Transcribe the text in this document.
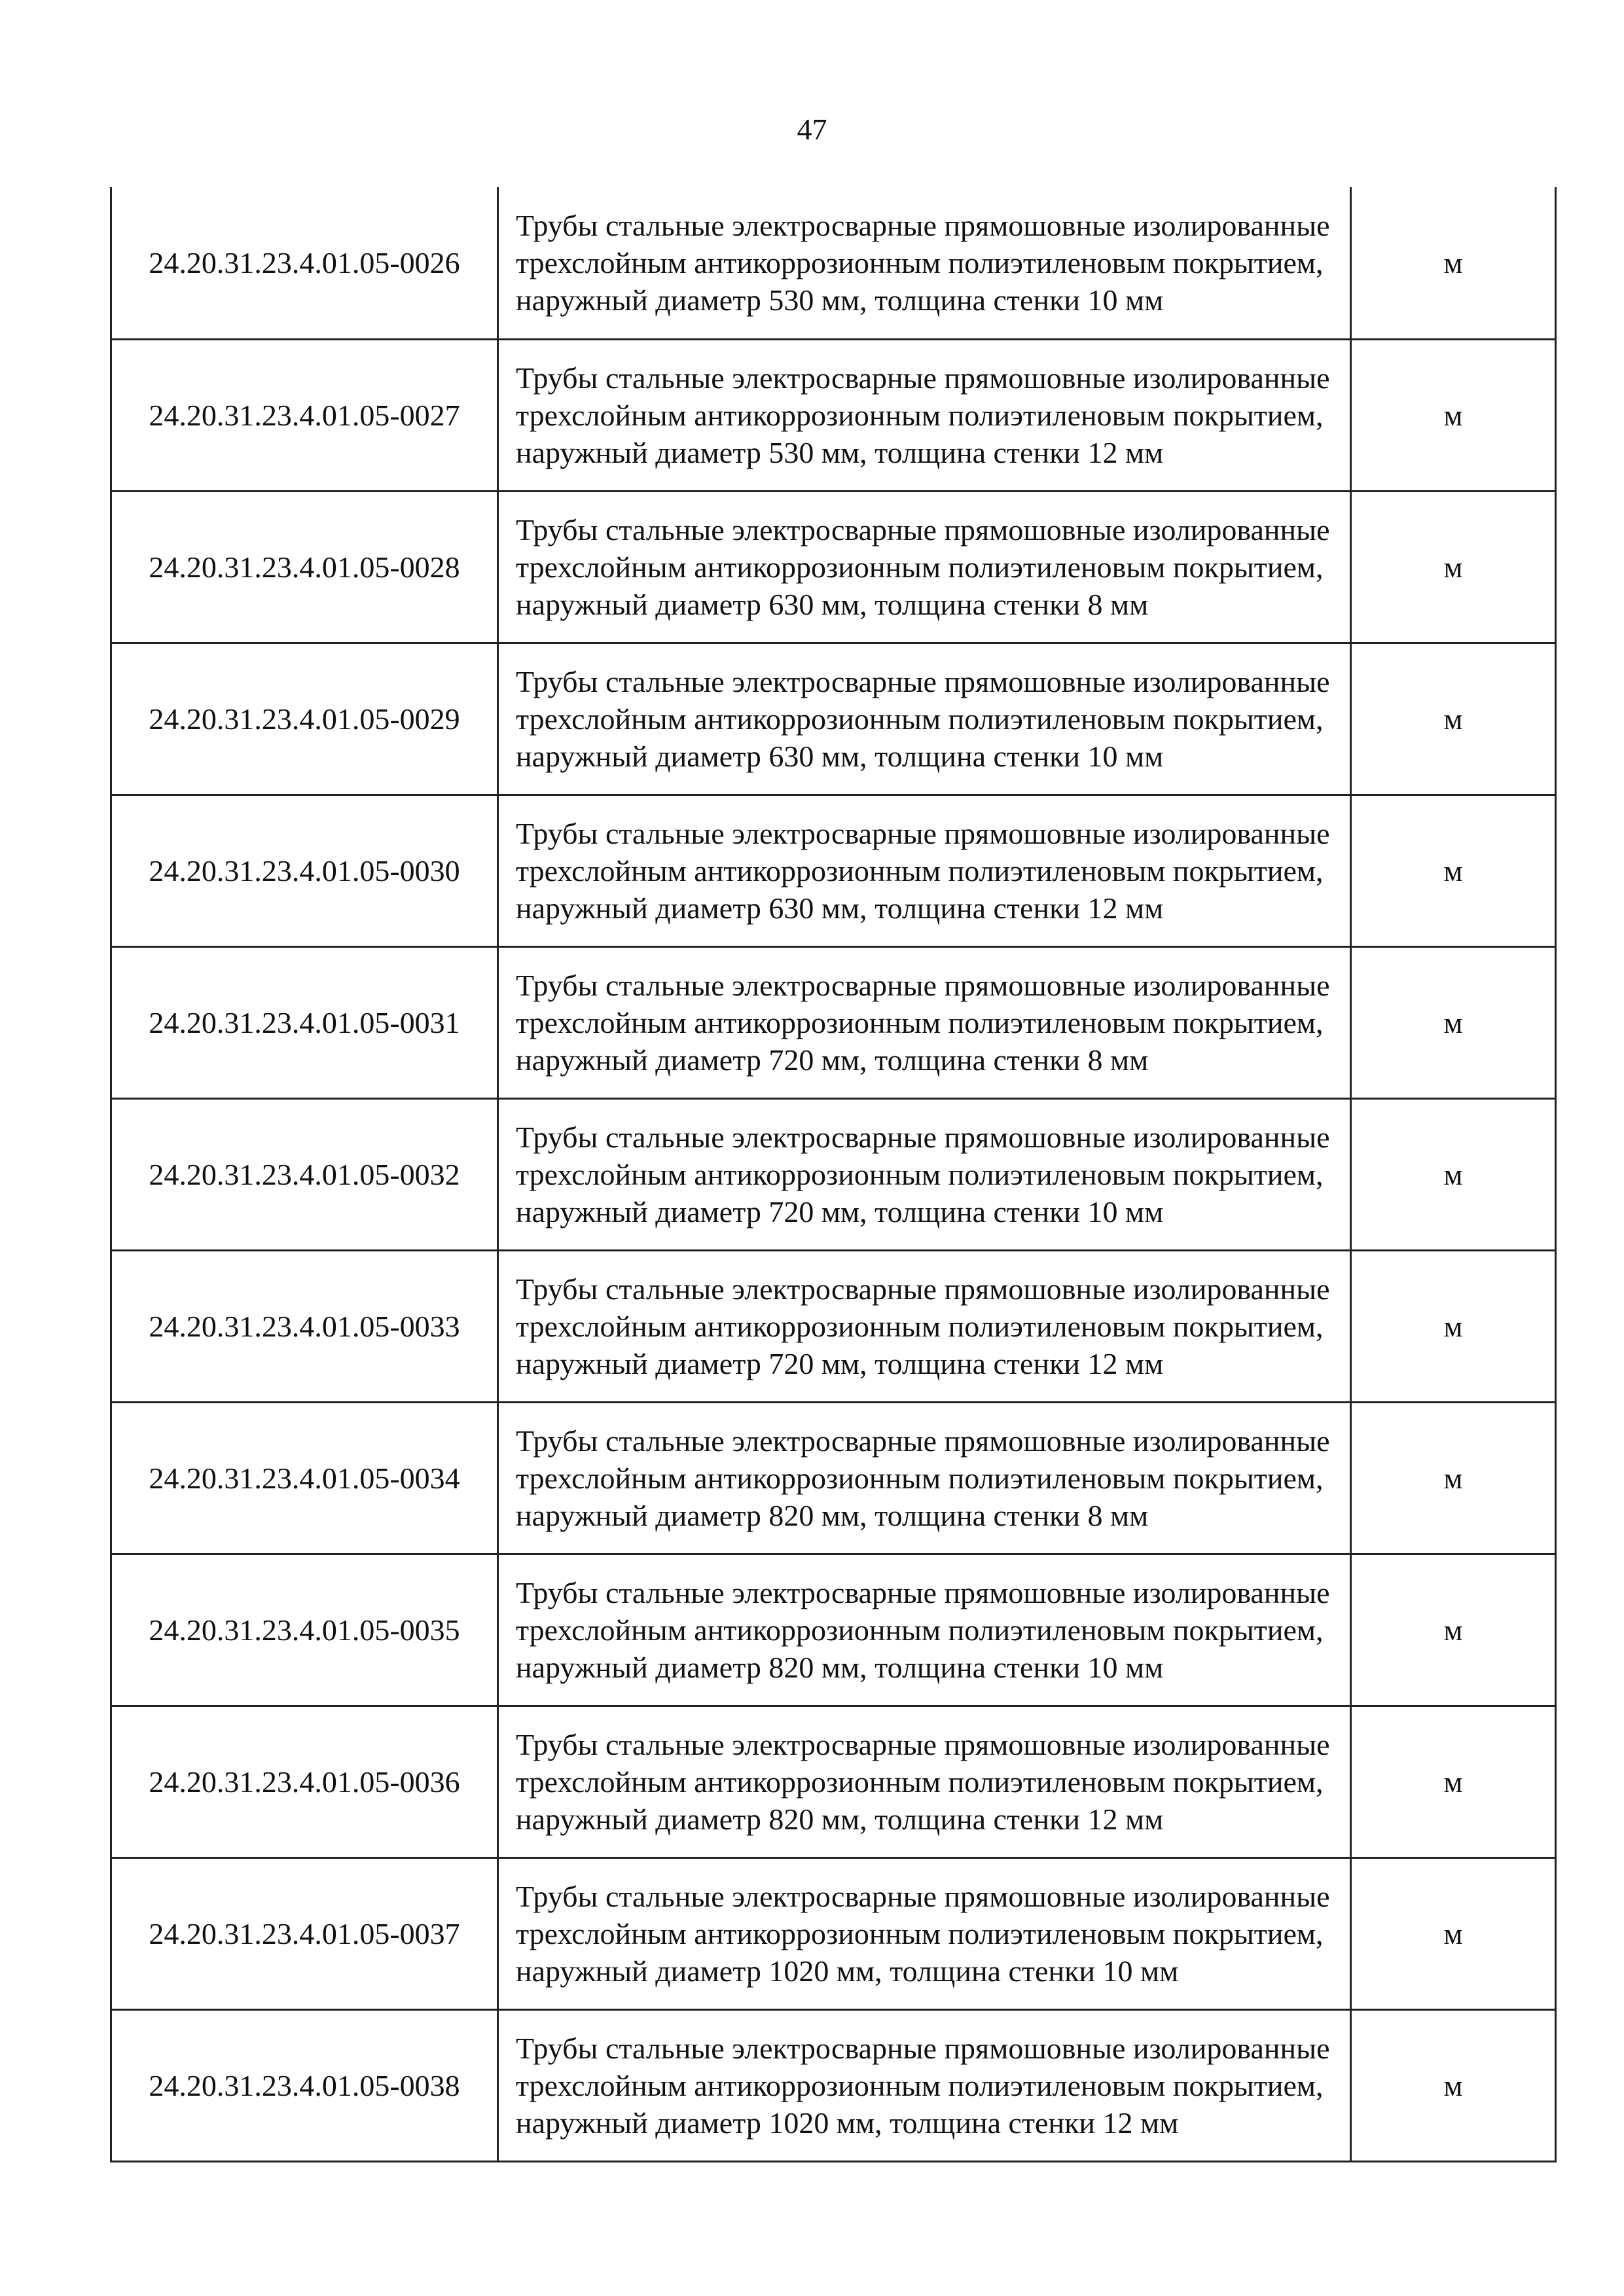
47
24.20.31.23.4.01.05-0026	Трубы стальные электросварные прямошовные изолированные трехслойным антикоррозионным полиэтиленовым покрытием, наружный диаметр 530 мм, толщина стенки 10 мм	м
24.20.31.23.4.01.05-0027	Трубы стальные электросварные прямошовные изолированные трехслойным антикоррозионным полиэтиленовым покрытием, наружный диаметр 530 мм, толщина стенки 12 мм	м
24.20.31.23.4.01.05-0028	Трубы стальные электросварные прямошовные изолированные трехслойным антикоррозионным полиэтиленовым покрытием, наружный диаметр 630 мм, толщина стенки 8 мм	м
24.20.31.23.4.01.05-0029	Трубы стальные электросварные прямошовные изолированные трехслойным антикоррозионным полиэтиленовым покрытием, наружный диаметр 630 мм, толщина стенки 10 мм	м
24.20.31.23.4.01.05-0030	Трубы стальные электросварные прямошовные изолированные трехслойным антикоррозионным полиэтиленовым покрытием, наружный диаметр 630 мм, толщина стенки 12 мм	м
24.20.31.23.4.01.05-0031	Трубы стальные электросварные прямошовные изолированные трехслойным антикоррозионным полиэтиленовым покрытием, наружный диаметр 720 мм, толщина стенки 8 мм	м
24.20.31.23.4.01.05-0032	Трубы стальные электросварные прямошовные изолированные трехслойным антикоррозионным полиэтиленовым покрытием, наружный диаметр 720 мм, толщина стенки 10 мм	м
24.20.31.23.4.01.05-0033	Трубы стальные электросварные прямошовные изолированные трехслойным антикоррозионным полиэтиленовым покрытием, наружный диаметр 720 мм, толщина стенки 12 мм	м
24.20.31.23.4.01.05-0034	Трубы стальные электросварные прямошовные изолированные трехслойным антикоррозионным полиэтиленовым покрытием, наружный диаметр 820 мм, толщина стенки 8 мм	м
24.20.31.23.4.01.05-0035	Трубы стальные электросварные прямошовные изолированные трехслойным антикоррозионным полиэтиленовым покрытием, наружный диаметр 820 мм, толщина стенки 10 мм	м
24.20.31.23.4.01.05-0036	Трубы стальные электросварные прямошовные изолированные трехслойным антикоррозионным полиэтиленовым покрытием, наружный диаметр 820 мм, толщина стенки 12 мм	м
24.20.31.23.4.01.05-0037	Трубы стальные электросварные прямошовные изолированные трехслойным антикоррозионным полиэтиленовым покрытием, наружный диаметр 1020 мм, толщина стенки 10 мм	м
24.20.31.23.4.01.05-0038	Трубы стальные электросварные прямошовные изолированные трехслойным антикоррозионным полиэтиленовым покрытием, наружный диаметр 1020 мм, толщина стенки 12 мм	м
